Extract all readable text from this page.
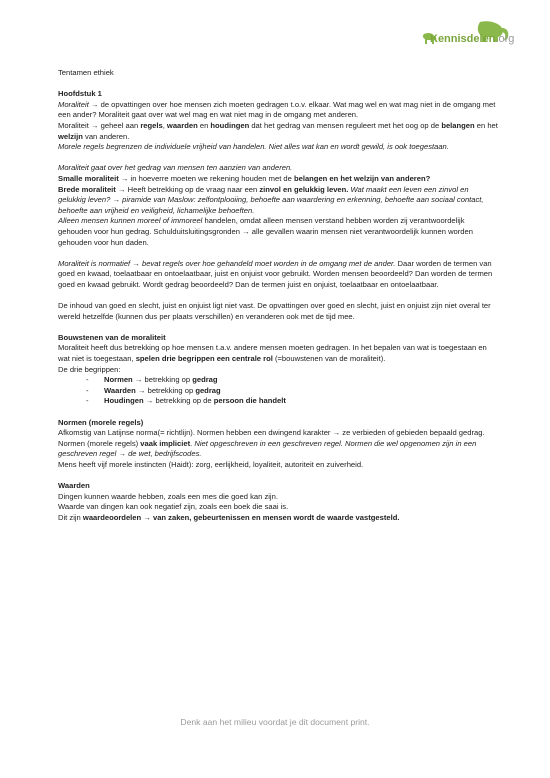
Kennisdelen.org

Tentamen ethiek

Hoofdstuk 1

Moraliteit → de opvattingen over hoe mensen zich moeten gedragen t.o.v. elkaar. Wat mag wel en wat mag niet in de omgang met een ander? Moraliteit gaat over wat wel mag en wat niet mag in de omgang met anderen.

Moraliteit → geheel aan regels, waarden en houdingen dat het gedrag van mensen reguleert met het oog op de belangen en het welzijn van anderen.

Morele regels begrenzen de individuele vrijheid van handelen. Niet alles wat kan en wordt gewild, is ook toegestaan.

Moraliteit gaat over het gedrag van mensen ten aanzien van anderen.

Smalle moraliteit → in hoeverre moeten we rekening houden met de belangen en het welzijn van anderen?

Brede moraliteit → Heeft betrekking op de vraag naar een zinvol en gelukkig leven. Wat maakt een leven een zinvol en gelukkig leven? → piramide van Maslow: zelfontplooiing, behoefte aan waardering en erkenning, behoefte aan sociaal contact, behoefte aan vrijheid en veiligheid, lichamelijke behoeften.

Alleen mensen kunnen moreel of immoreel handelen, omdat alleen mensen verstand hebben worden zij verantwoordelijk gehouden voor hun gedrag. Schulduitsluitingsgronden → alle gevallen waarin mensen niet verantwoordelijk kunnen worden gehouden voor hun daden.

Moraliteit is normatief → bevat regels over hoe gehandeld moet worden in de omgang met de ander. Daar worden de termen van goed en kwaad, toelaatbaar en ontoelaatbaar, juist en onjuist voor gebruikt. Worden mensen beoordeeld? Dan worden de termen goed en kwaad gebruikt. Wordt gedrag beoordeeld? Dan de termen juist en onjuist, toelaatbaar en ontoelaatbaar.

De inhoud van goed en slecht, juist en onjuist ligt niet vast. De opvattingen over goed en slecht, juist en onjuist zijn niet overal ter wereld hetzelfde (kunnen dus per plaats verschillen) en veranderen ook met de tijd mee.

Bouwstenen van de moraliteit

Moraliteit heeft dus betrekking op hoe mensen t.a.v. andere mensen moeten gedragen. In het bepalen van wat is toegestaan en wat niet is toegestaan, spelen drie begrippen een centrale rol (=bouwstenen van de moraliteit).

De drie begrippen:

- Normen → betrekking op gedrag
- Waarden → betrekking op gedrag
- Houdingen → betrekking op de persoon die handelt

Normen (morele regels)

Afkomstig van Latijnse norma(= richtlijn). Normen hebben een dwingend karakter → ze verbieden of gebieden bepaald gedrag.

Normen (morele regels) vaak impliciet. Niet opgeschreven in een geschreven regel. Normen die wel opgenomen zijn in een geschreven regel → de wet, bedrijfscodes.

Mens heeft vijf morele instincten (Haidt): zorg, eerlijkheid, loyaliteit, autoriteit en zuiverheid.

Waarden

Dingen kunnen waarde hebben, zoals een mes die goed kan zijn.

Waarde van dingen kan ook negatief zijn, zoals een boek die saai is.

Dit zijn waardeoordelen → van zaken, gebeurtenissen en mensen wordt de waarde vastgesteld.

Denk aan het milieu voordat je dit document print.
